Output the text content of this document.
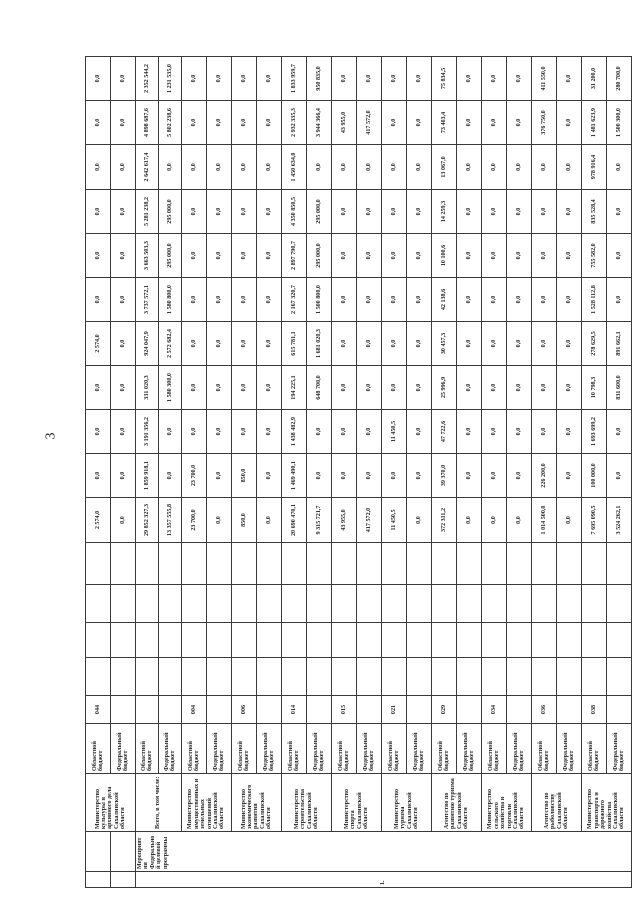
3
		Министерство культуры и архивного дела Сахалинской области	Областной бюджет	044					2 574,0	0,0	0,0	0,0	2 574,0	0,0	0,0	0,0	0,0	0,0	0,0
			Федеральный бюджет						0,0	0,0	0,0	0,0	0,0	0,0	0,0	0,0	0,0	0,0	0,0
1.	Мероприятия Федеральной целевой программы	Всего, в том числе:	Областной бюджет						29 852 327,3	1 859 918,1	3 191 356,2	331 020,3	924 047,9	3 737 572,1	3 663 503,3	5 281 238,2	2 642 617,4	4 898 687,6	2 352 544,2
			Федеральный бюджет						13 357 555,8	0,0	0,0	1 580 300,0	2 572 682,4	1 580 800,0	295 000,0	295 000,0	0,0	5 802 238,6	1 231 535,0
		Министерство имущественных и земельных отношений Сахалинской области	Областной бюджет	004					23 700,0	23 700,0	0,0	0,0	0,0	0,0	0,0	0,0	0,0	0,0	0,0
			Федеральный бюджет						0,0	0,0	0,0	0,0	0,0	0,0	0,0	0,0	0,0	0,0	0,0
		Министерство экономического развития Сахалинской области	Областной бюджет	006					850,0	850,0	0,0	0,0	0,0	0,0	0,0	0,0	0,0	0,0	0,0
			Федеральный бюджет						0,0	0,0	0,0	0,0	0,0	0,0	0,0	0,0	0,0	0,0	0,0
		Министерство строительства Сахалинской области	Областной бюджет	014					20 690 470,1	1 469 490,1	1 438 482,9	194 225,1	615 781,1	2 167 320,7	2 897 790,7	4 350 850,5	1 450 634,0	2 932 335,3	1 833 959,7
			Федеральный бюджет						9 315 721,7	0,0	0,0	648 700,0	1 681 020,3	1 500 800,0	295 000,0	295 000,0	0,0	3 944 366,4	950 835,0
		Министерство спорта Сахалинской области	Областной бюджет	015					43 955,0	0,0	0,0	0,0	0,0	0,0	0,0	0,0	0,0	43 955,0	0,0
			Федеральный бюджет						417 572,0	0,0	0,0	0,0	0,0	0,0	0,0	0,0	0,0	417 572,0	0,0
		Министерство туризма Сахалинской области	Областной бюджет	021					11 450,5	0,0	11 450,5	0,0	0,0	0,0	0,0	0,0	0,0	0,0	0,0
			Федеральный бюджет						0,0	0,0	0,0	0,0	0,0	0,0	0,0	0,0	0,0	0,0	0,0
		Агентство по развитию туризма Сахалинской области	Областной бюджет	029					372 311,2	39 370,0	47 722,6	25 996,9	30 457,3	42 138,6	10 100,6	14 259,3	13 067,0	73 403,4	75 834,5
			Федеральный бюджет						0,0	0,0	0,0	0,0	0,0	0,0	0,0	0,0	0,0	0,0	0,0
		Министерство сельского хозяйства и торговли Сахалинской области	Областной бюджет	034					0,0	0,0	0,0	0,0	0,0	0,0	0,0	0,0	0,0	0,0	0,0
			Федеральный бюджет						0,0	0,0	0,0	0,0	0,0	0,0	0,0	0,0	0,0	0,0	0,0
		Агентство по рыболовству Сахалинской области	Областной бюджет	036					1 014 500,0	226 200,0	0,0	0,0	0,0	0,0	0,0	0,0	0,0	376 750,0	411 550,0
			Федеральный бюджет						0,0	0,0	0,0	0,0	0,0	0,0	0,0	0,0	0,0	0,0	0,0
		Министерство транспорта и дорожного хозяйства Сахалинской области	Областной бюджет	038					7 695 090,5	100 000,0	1 693 699,2	10 798,3	278 629,5	1 528 112,8	755 582,0	835 528,4	978 916,4	1 481 623,9	31 200,0
			Федеральный бюджет						3 524 262,1	0,0	0,0	831 600,0	891 662,1	0,0	0,0	0,0	0,0	1 500 300,0	280 700,0
